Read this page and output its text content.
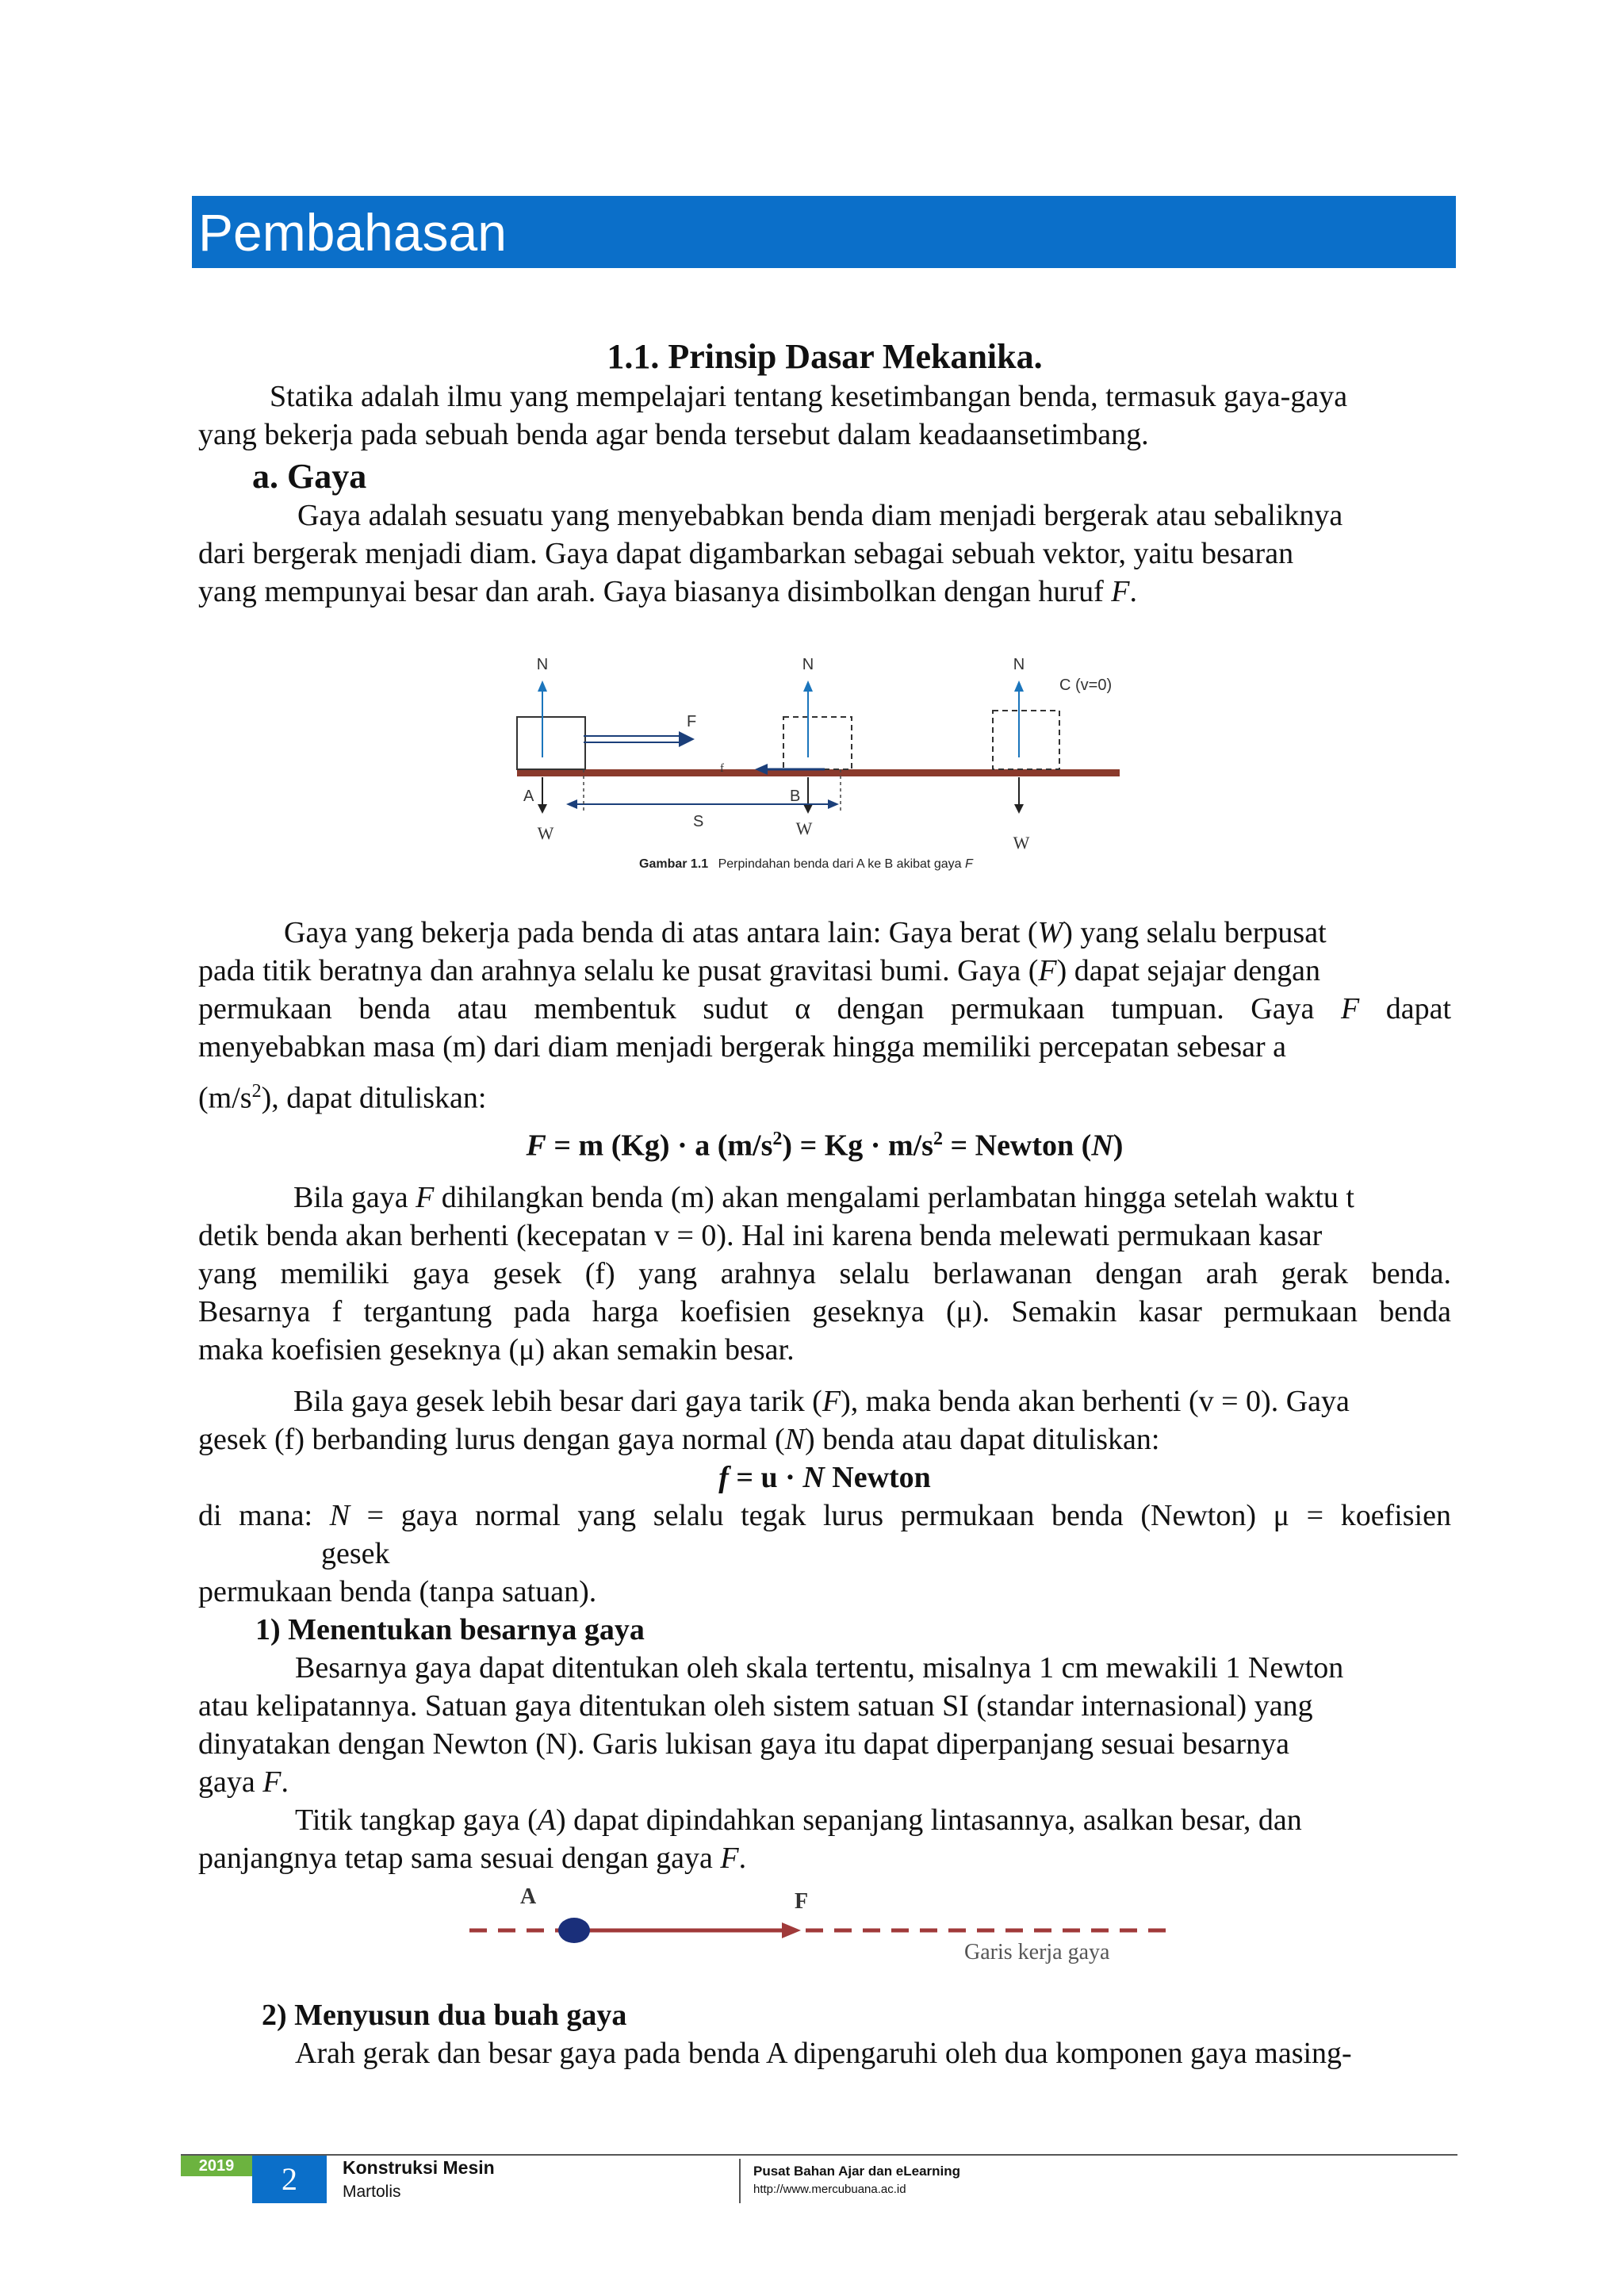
Pembahasan
1.1. Prinsip Dasar Mekanika.
Statika adalah ilmu yang mempelajari tentang kesetimbangan benda, termasuk gaya-gaya
yang bekerja pada sebuah benda agar benda tersebut dalam keadaansetimbang.
a. Gaya
Gaya adalah sesuatu yang menyebabkan benda diam menjadi bergerak atau sebaliknya
dari bergerak menjadi diam. Gaya dapat digambarkan sebagai sebuah vektor, yaitu besaran
yang mempunyai besar dan arah. Gaya biasanya disimbolkan dengan huruf F.
N	N	N
C (v=0)
F
f
A	B
S
W	W
W
Gambar 1.1 Perpindahan benda dari A ke B akibat gaya F
Gaya yang bekerja pada benda di atas antara lain: Gaya berat (W) yang selalu berpusat
pada titik beratnya dan arahnya selalu ke pusat gravitasi bumi. Gaya (F) dapat sejajar dengan
permukaan benda atau membentuk sudut α dengan permukaan tumpuan. Gaya F dapat
menyebabkan masa (m) dari diam menjadi bergerak hingga memiliki percepatan sebesar a
$(m/s^2)$, dapat dituliskan:
F = m (Kg) · a $(m/s^2) = Kg \cdot m/s^2$ = Newton (N)
Bila gaya F dihilangkan benda (m) akan mengalami perlambatan hingga setelah waktu t
detik benda akan berhenti (kecepatan v = 0). Hal ini karena benda melewati permukaan kasar
yang memiliki gaya gesek (f) yang arahnya selalu berlawanan dengan arah gerak benda.
Besarnya f tergantung pada harga koefisien geseknya (μ). Semakin kasar permukaan benda
maka koefisien geseknya (μ) akan semakin besar.
Bila gaya gesek lebih besar dari gaya tarik (F), maka benda akan berhenti (v = 0). Gaya
gesek (f) berbanding lurus dengan gaya normal (N) benda atau dapat dituliskan:
f = u · N Newton
di mana: N = gaya normal yang selalu tegak lurus permukaan benda (Newton) μ = koefisien
gesek
permukaan benda (tanpa satuan).
1) Menentukan besarnya gaya
Besarnya gaya dapat ditentukan oleh skala tertentu, misalnya 1 cm mewakili 1 Newton
atau kelipatannya. Satuan gaya ditentukan oleh sistem satuan SI (standar internasional) yang
dinyatakan dengan Newton (N). Garis lukisan gaya itu dapat diperpanjang sesuai besarnya
gaya F.
Titik tangkap gaya (A) dapat dipindahkan sepanjang lintasannya, asalkan besar, dan
panjangnya tetap sama sesuai dengan gaya F.
A	F
Garis kerja gaya
2) Menyusun dua buah gaya
Arah gerak dan besar gaya pada benda A dipengaruhi oleh dua komponen gaya masing-
2019	2	Konstruksi Mesin
Martolis
Pusat Bahan Ajar dan eLearning
http://www.mercubuana.ac.id
